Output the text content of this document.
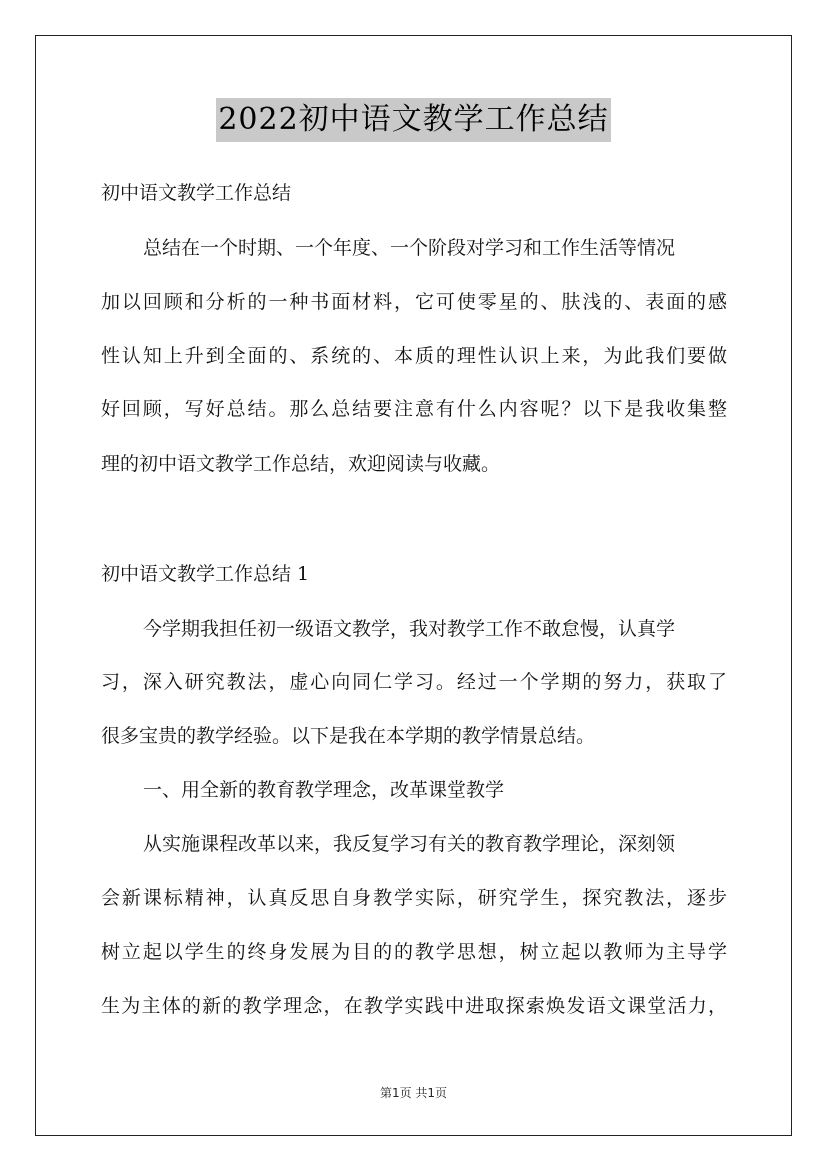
2022初中语文教学工作总结
初中语文教学工作总结
总结在一个时期、一个年度、一个阶段对学习和工作生活等情况
加以回顾和分析的一种书面材料，它可使零星的、肤浅的、表面的感
性认知上升到全面的、系统的、本质的理性认识上来，为此我们要做
好回顾，写好总结。那么总结要注意有什么内容呢？以下是我收集整
理的初中语文教学工作总结，欢迎阅读与收藏。
初中语文教学工作总结 1
今学期我担任初一级语文教学，我对教学工作不敢怠慢，认真学
习，深入研究教法，虚心向同仁学习。经过一个学期的努力，获取了
很多宝贵的教学经验。以下是我在本学期的教学情景总结。
一、用全新的教育教学理念，改革课堂教学
从实施课程改革以来，我反复学习有关的教育教学理论，深刻领
会新课标精神，认真反思自身教学实际，研究学生，探究教法，逐步
树立起以学生的终身发展为目的的教学思想，树立起以教师为主导学
生为主体的新的教学理念，在教学实践中进取探索焕发语文课堂活力，
第1页 共1页
